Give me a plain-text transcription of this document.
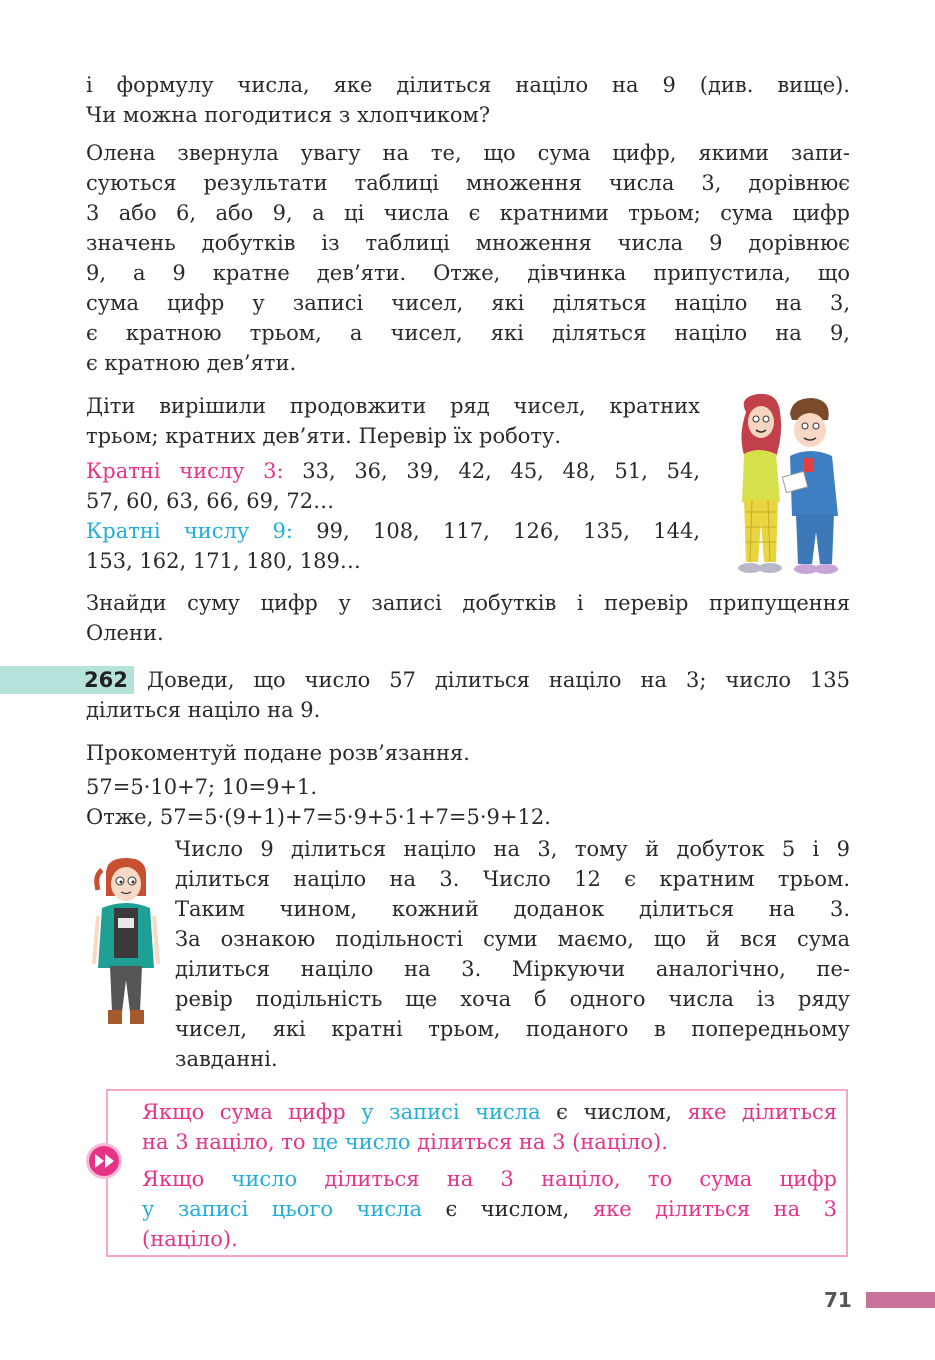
і формулу числа, яке ділиться націло на 9 (див. вище).
Чи можна погодитися з хлопчиком?
Олена звернула увагу на те, що сума цифр, якими запи-
суються результати таблиці множення числа 3, дорівнює
3 або 6, або 9, а ці числа є кратними трьом; сума цифр
значень добутків із таблиці множення числа 9 дорівнює
9, а 9 кратне дев’яти. Отже, дівчинка припустила, що
сума цифр у записі чисел, які діляться націло на 3,
є кратною трьом, а чисел, які діляться націло на 9,
є кратною дев’яти.
Діти вирішили продовжити ряд чисел, кратних
трьом; кратних дев’яти. Перевір їх роботу.
Кратні числу 3: 33, 36, 39, 42, 45, 48, 51, 54,
57, 60, 63, 66, 69, 72…
Кратні числу 9: 99, 108, 117, 126, 135, 144,
153, 162, 171, 180, 189…
Знайди суму цифр у записі добутків і перевір припущення
Олени.
262 Доведи, що число 57 ділиться націло на 3; число 135
ділиться націло на 9.
Прокоментуй подане розв’язання.
57=5·10+7; 10=9+1.
Отже, 57=5·(9+1)+7=5·9+5·1+7=5·9+12.
Число 9 ділиться націло на 3, тому й добуток 5 і 9
ділиться націло на 3. Число 12 є кратним трьом.
Таким чином, кожний доданок ділиться на 3.
За ознакою подільності суми маємо, що й вся сума
ділиться націло на 3. Міркуючи аналогічно, пе-
ревір подільність ще хоча б одного числа із ряду
чисел, які кратні трьом, поданого в попередньому
завданні.
Якщо сума цифр у записі числа є числом, яке ділиться
на 3 націло, то це число ділиться на 3 (націло).
Якщо число ділиться на 3 націло, то сума цифр
у записі цього числа є числом, яке ділиться на 3
(націло).
71
